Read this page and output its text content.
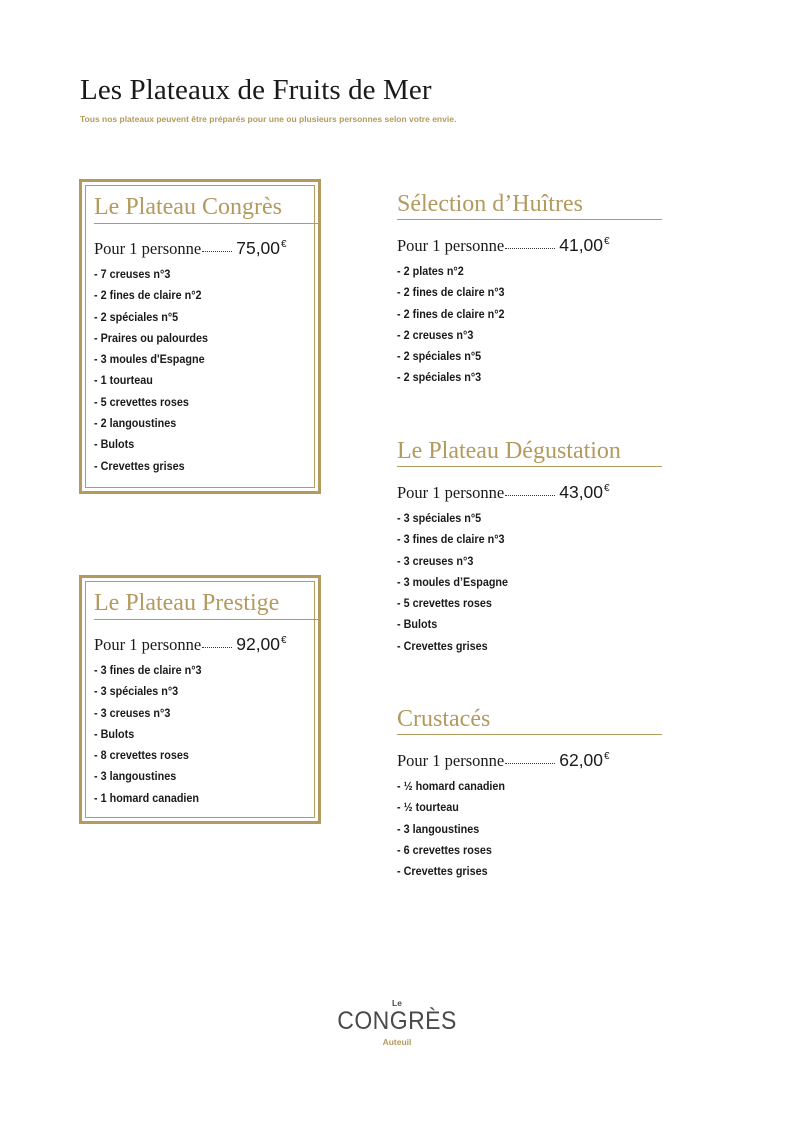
Les Plateaux de Fruits de Mer
Tous nos plateaux peuvent être préparés pour une ou plusieurs personnes selon votre envie.
Le Plateau Congrès
Pour 1 personne 75,00 €
- 7 creuses n°3
- 2 fines de claire n°2
- 2 spéciales n°5
- Praires ou palourdes
- 3 moules d'Espagne
- 1 tourteau
- 5 crevettes roses
- 2 langoustines
- Bulots
- Crevettes grises
Le Plateau Prestige
Pour 1 personne 92,00 €
- 3 fines de claire n°3
- 3 spéciales n°3
- 3 creuses n°3
- Bulots
- 8 crevettes roses
- 3 langoustines
- 1 homard canadien
Sélection d’Huîtres
Pour 1 personne	41,00 €
- 2 plates n°2
- 2 fines de claire n°3
- 2 fines de claire n°2
- 2 creuses n°3
- 2 spéciales n°5
- 2 spéciales n°3
Le Plateau Dégustation
Pour 1 personne	43,00 €
- 3 spéciales n°5
- 3 fines de claire n°3
- 3 creuses n°3
- 3 moules d’Espagne
- 5 crevettes roses
- Bulots
- Crevettes grises
Crustacés
Pour 1 personne	62,00 €
- ½ homard canadien
- ½ tourteau
- 3 langoustines
- 6 crevettes roses
- Crevettes grises
Le
CONGRÈS
Auteuil
